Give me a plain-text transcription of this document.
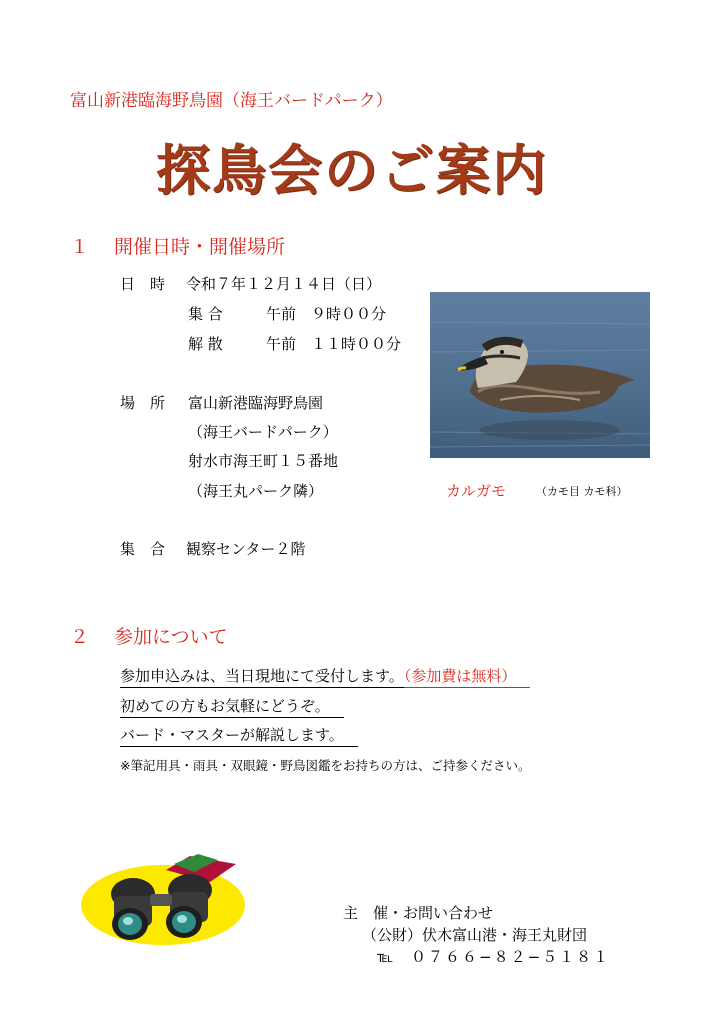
富山新港臨海野鳥園（海王バードパーク）
探鳥会のご案内
１ 開催日時・開催場所
日　時 令和７年１２月１４日（日）
集 合	午前　９時００分
解 散	午前　１１時００分
場　所 富山新港臨海野鳥園
（海王バードパーク）
射水市海王町１５番地
（海王丸パーク隣）
集　合 観察センター２階
カルガモ	（カモ目 カモ科）
２ 参加について
参加申込みは、当日現地にて受付します。（参加費は無料）
初めての方もお気軽にどうぞ。
バード・マスターが解説します。
※筆記用具・雨具・双眼鏡・野鳥図鑑をお持ちの方は、ご持参ください。
主　催・お問い合わせ
（公財）伏木富山港・海王丸財団
℡ ０７６６−８２−５１８１
